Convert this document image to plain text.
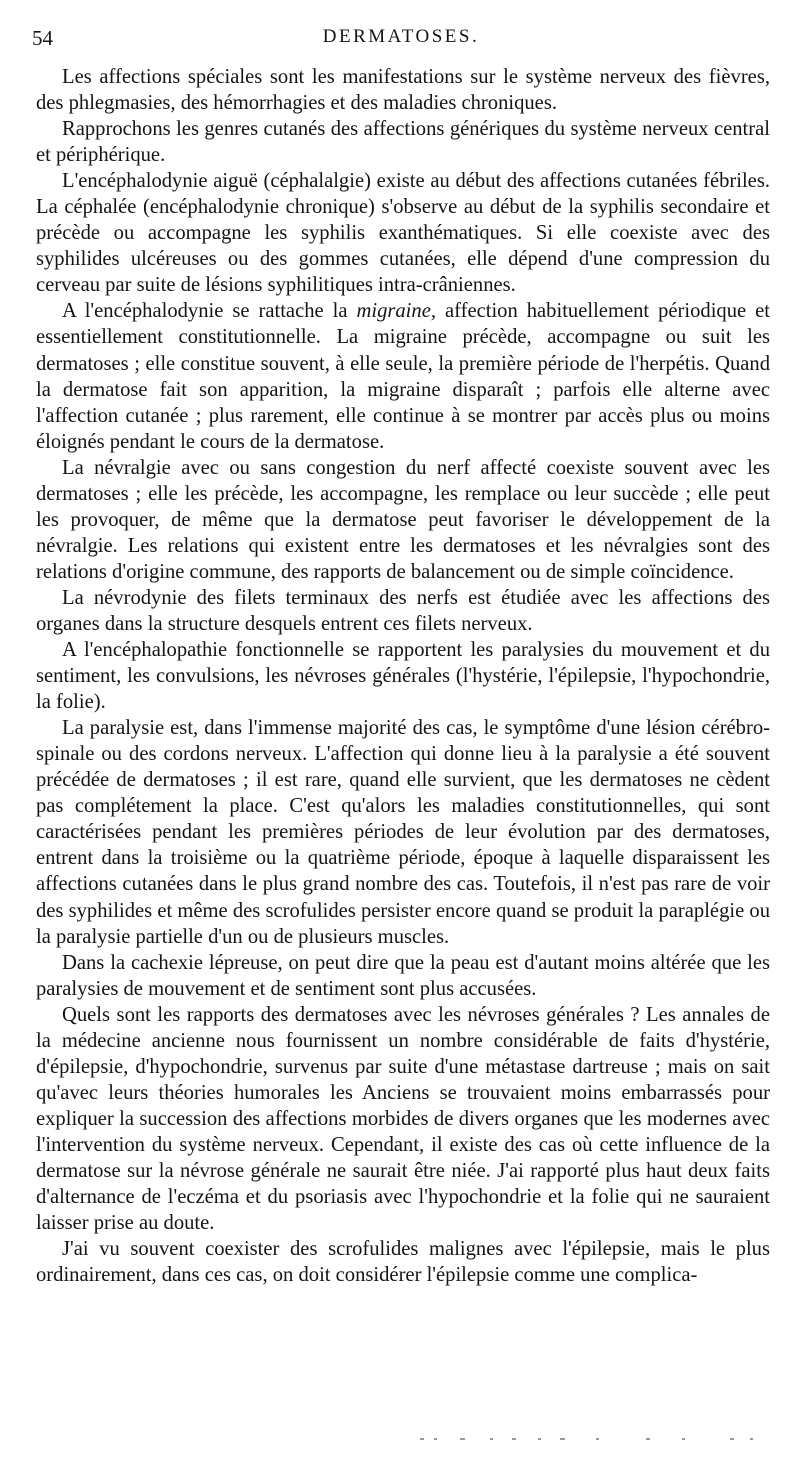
54	DERMATOSES.

Les affections spéciales sont les manifestations sur le système nerveux des fièvres, des phlegmasies, des hémorrhagies et des maladies chroniques.

Rapprochons les genres cutanés des affections génériques du système nerveux central et périphérique.

L'encéphalodynie aiguë (céphalalgie) existe au début des affections cutanées fébriles. La céphalée (encéphalodynie chronique) s'observe au début de la syphilis secondaire et précède ou accompagne les syphilis exanthématiques. Si elle coexiste avec des syphilides ulcéreuses ou des gommes cutanées, elle dépend d'une compression du cerveau par suite de lésions syphilitiques intra-crâniennes.

A l'encéphalodynie se rattache la migraine, affection habituellement périodique et essentiellement constitutionnelle. La migraine précède, accompagne ou suit les dermatoses ; elle constitue souvent, à elle seule, la première période de l'herpétis. Quand la dermatose fait son apparition, la migraine disparaît ; parfois elle alterne avec l'affection cutanée ; plus rarement, elle continue à se montrer par accès plus ou moins éloignés pendant le cours de la dermatose.

La névralgie avec ou sans congestion du nerf affecté coexiste souvent avec les dermatoses ; elle les précède, les accompagne, les remplace ou leur succède ; elle peut les provoquer, de même que la dermatose peut favoriser le développement de la névralgie. Les relations qui existent entre les dermatoses et les névralgies sont des relations d'origine commune, des rapports de balancement ou de simple coïncidence.

La névrodynie des filets terminaux des nerfs est étudiée avec les affections des organes dans la structure desquels entrent ces filets nerveux.

A l'encéphalopathie fonctionnelle se rapportent les paralysies du mouvement et du sentiment, les convulsions, les névroses générales (l'hystérie, l'épilepsie, l'hypochondrie, la folie).

La paralysie est, dans l'immense majorité des cas, le symptôme d'une lésion cérébro-spinale ou des cordons nerveux. L'affection qui donne lieu à la paralysie a été souvent précédée de dermatoses ; il est rare, quand elle survient, que les dermatoses ne cèdent pas complétement la place. C'est qu'alors les maladies constitutionnelles, qui sont caractérisées pendant les premières périodes de leur évolution par des dermatoses, entrent dans la troisième ou la quatrième période, époque à laquelle disparaissent les affections cutanées dans le plus grand nombre des cas. Toutefois, il n'est pas rare de voir des syphilides et même des scrofulides persister encore quand se produit la paraplégie ou la paralysie partielle d'un ou de plusieurs muscles.

Dans la cachexie lépreuse, on peut dire que la peau est d'autant moins altérée que les paralysies de mouvement et de sentiment sont plus accusées.

Quels sont les rapports des dermatoses avec les névroses générales ? Les annales de la médecine ancienne nous fournissent un nombre considérable de faits d'hystérie, d'épilepsie, d'hypochondrie, survenus par suite d'une métastase dartreuse ; mais on sait qu'avec leurs théories humorales les Anciens se trouvaient moins embarrassés pour expliquer la succession des affections morbides de divers organes que les modernes avec l'intervention du système nerveux. Cependant, il existe des cas où cette influence de la dermatose sur la névrose générale ne saurait être niée. J'ai rapporté plus haut deux faits d'alternance de l'eczéma et du psoriasis avec l'hypochondrie et la folie qui ne sauraient laisser prise au doute.

J'ai vu souvent coexister des scrofulides malignes avec l'épilepsie, mais le plus ordinairement, dans ces cas, on doit considérer l'épilepsie comme une complica-
